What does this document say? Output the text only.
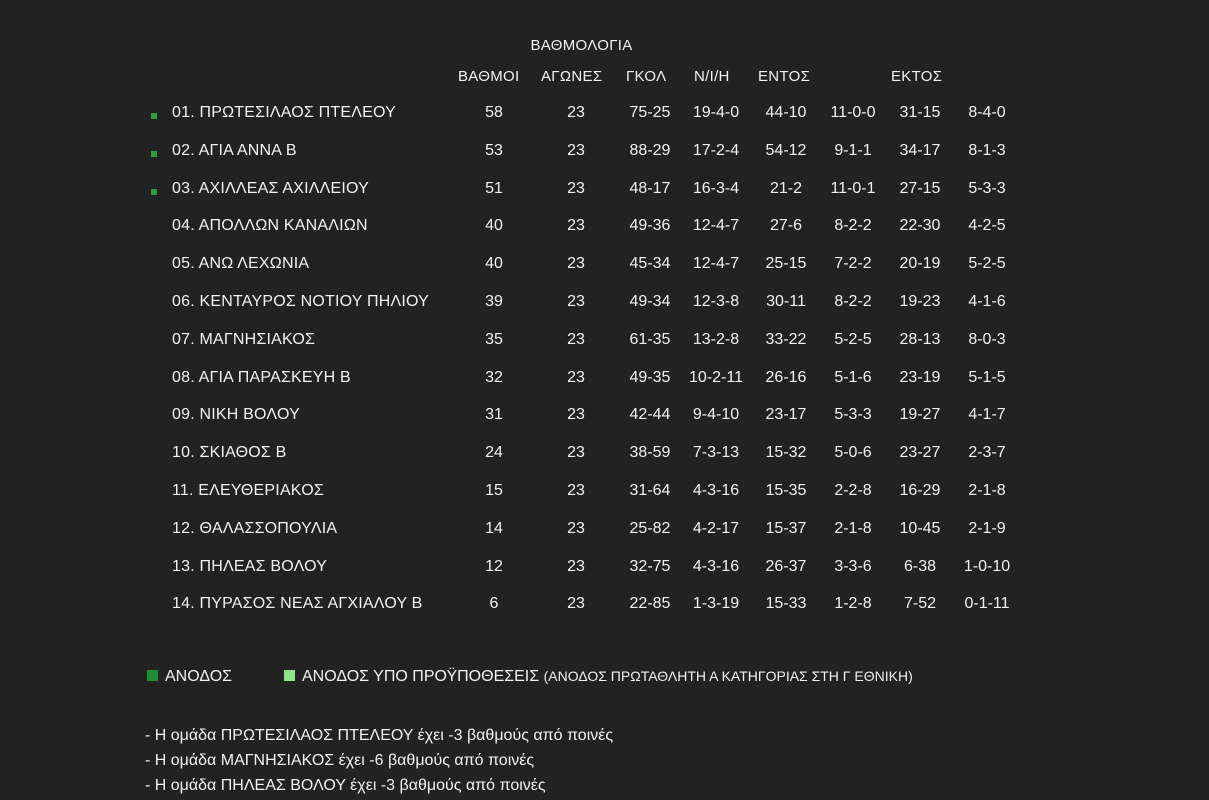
ΒΑΘΜΟΛΟΓΙΑ
ΒΑΘΜΟΙ ΑΓΩΝΕΣ ΓΚΟΛ Ν/Ι/Η ΕΝΤΟΣ	ΕΚΤΟΣ
01. ΠΡΩΤΕΣΙΛΑΟΣ ΠΤΕΛΕΟΥ	58	23	75-25	19-4-0	44-10	11-0-0	31-15	8-4-0
02. ΑΓΙΑ ΑΝΝΑ Β	53	23	88-29	17-2-4	54-12	9-1-1	34-17	8-1-3
03. ΑΧΙΛΛΕΑΣ ΑΧΙΛΛΕΙΟΥ	51	23	48-17	16-3-4	21-2	11-0-1	27-15	5-3-3
04. ΑΠΟΛΛΩΝ ΚΑΝΑΛΙΩΝ	40	23	49-36	12-4-7	27-6	8-2-2	22-30	4-2-5
05. ΑΝΩ ΛΕΧΩΝΙΑ	40	23	45-34	12-4-7	25-15	7-2-2	20-19	5-2-5
06. ΚΕΝΤΑΥΡΟΣ ΝΟΤΙΟΥ ΠΗΛΙΟΥ	39	23	49-34	12-3-8	30-11	8-2-2	19-23	4-1-6
07. ΜΑΓΝΗΣΙΑΚΟΣ	35	23	61-35	13-2-8	33-22	5-2-5	28-13	8-0-3
08. ΑΓΙΑ ΠΑΡΑΣΚΕΥΗ Β	32	23	49-35	10-2-11	26-16	5-1-6	23-19	5-1-5
09. ΝΙΚΗ ΒΟΛΟΥ	31	23	42-44	9-4-10	23-17	5-3-3	19-27	4-1-7
10. ΣΚΙΑΘΟΣ Β	24	23	38-59	7-3-13	15-32	5-0-6	23-27	2-3-7
11. ΕΛΕΥΘΕΡΙΑΚΟΣ	15	23	31-64	4-3-16	15-35	2-2-8	16-29	2-1-8
12. ΘΑΛΑΣΣΟΠΟΥΛΙΑ	14	23	25-82	4-2-17	15-37	2-1-8	10-45	2-1-9
13. ΠΗΛΕΑΣ ΒΟΛΟΥ	12	23	32-75	4-3-16	26-37	3-3-6	6-38	1-0-10
14. ΠΥΡΑΣΟΣ ΝΕΑΣ ΑΓΧΙΑΛΟΥ Β	6	23	22-85	1-3-19	15-33	1-2-8	7-52	0-1-11
ΑΝΟΔΟΣ	ΑΝΟΔΟΣ ΥΠΟ ΠΡΟΫΠΟΘΕΣΕΙΣ (ΑΝΟΔΟΣ ΠΡΩΤΑΘΛΗΤΗ Α ΚΑΤΗΓΟΡΙΑΣ ΣΤΗ Γ ΕΘΝΙΚΗ)
- Η ομάδα ΠΡΩΤΕΣΙΛΑΟΣ ΠΤΕΛΕΟΥ έχει -3 βαθμούς από ποινές
- Η ομάδα ΜΑΓΝΗΣΙΑΚΟΣ έχει -6 βαθμούς από ποινές
- Η ομάδα ΠΗΛΕΑΣ ΒΟΛΟΥ έχει -3 βαθμούς από ποινές
